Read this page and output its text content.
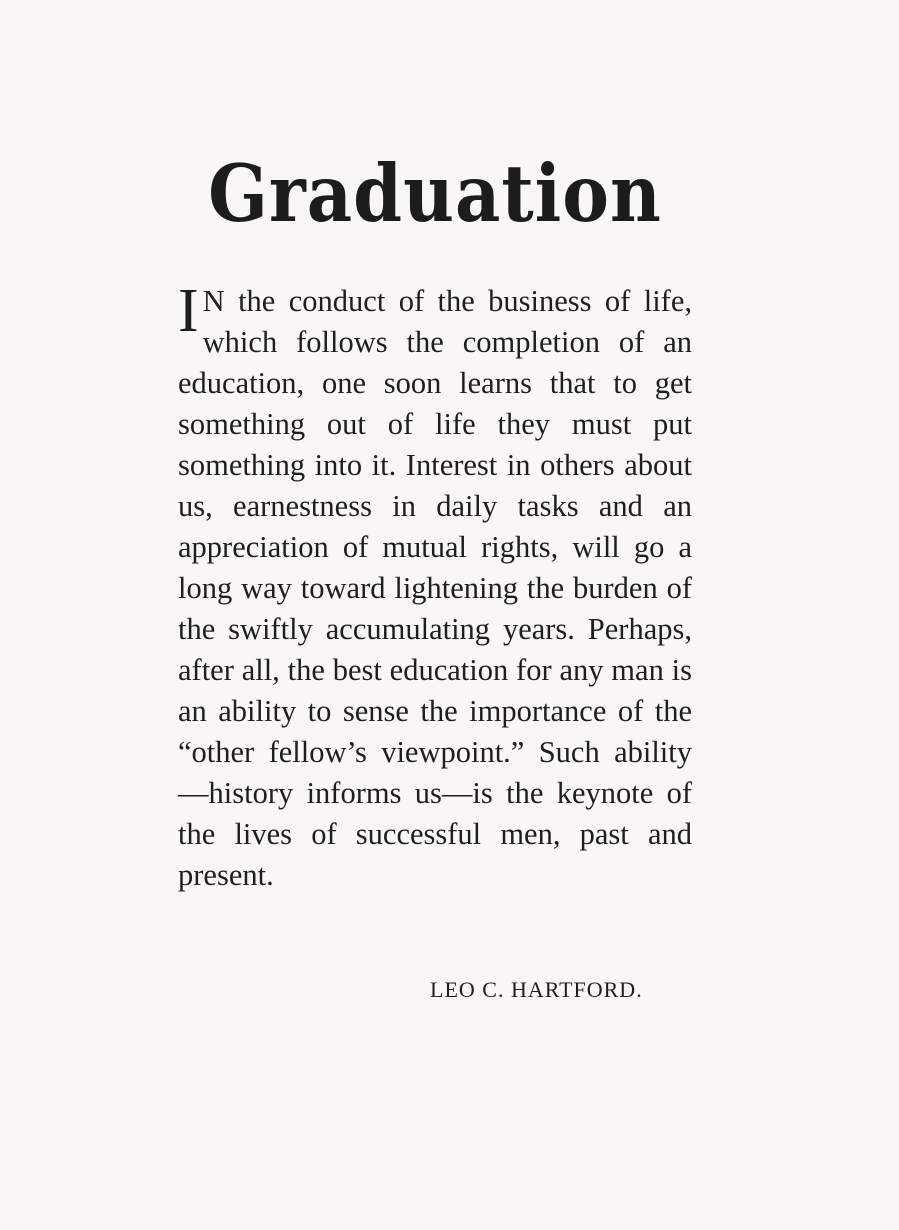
Graduation

I N the conduct of the business of life, which follows the completion of an education, one soon learns that to get something out of life they must put something into it. Interest in others about us, earnestness in daily tasks and an appreciation of mutual rights, will go a long way toward lightening the burden of the swiftly accumulating years. Perhaps, after all, the best education for any man is an ability to sense the importance of the “other fellow’s viewpoint.” Such ability—history informs us—is the keynote of the lives of successful men, past and present.

LEO C. HARTFORD.
